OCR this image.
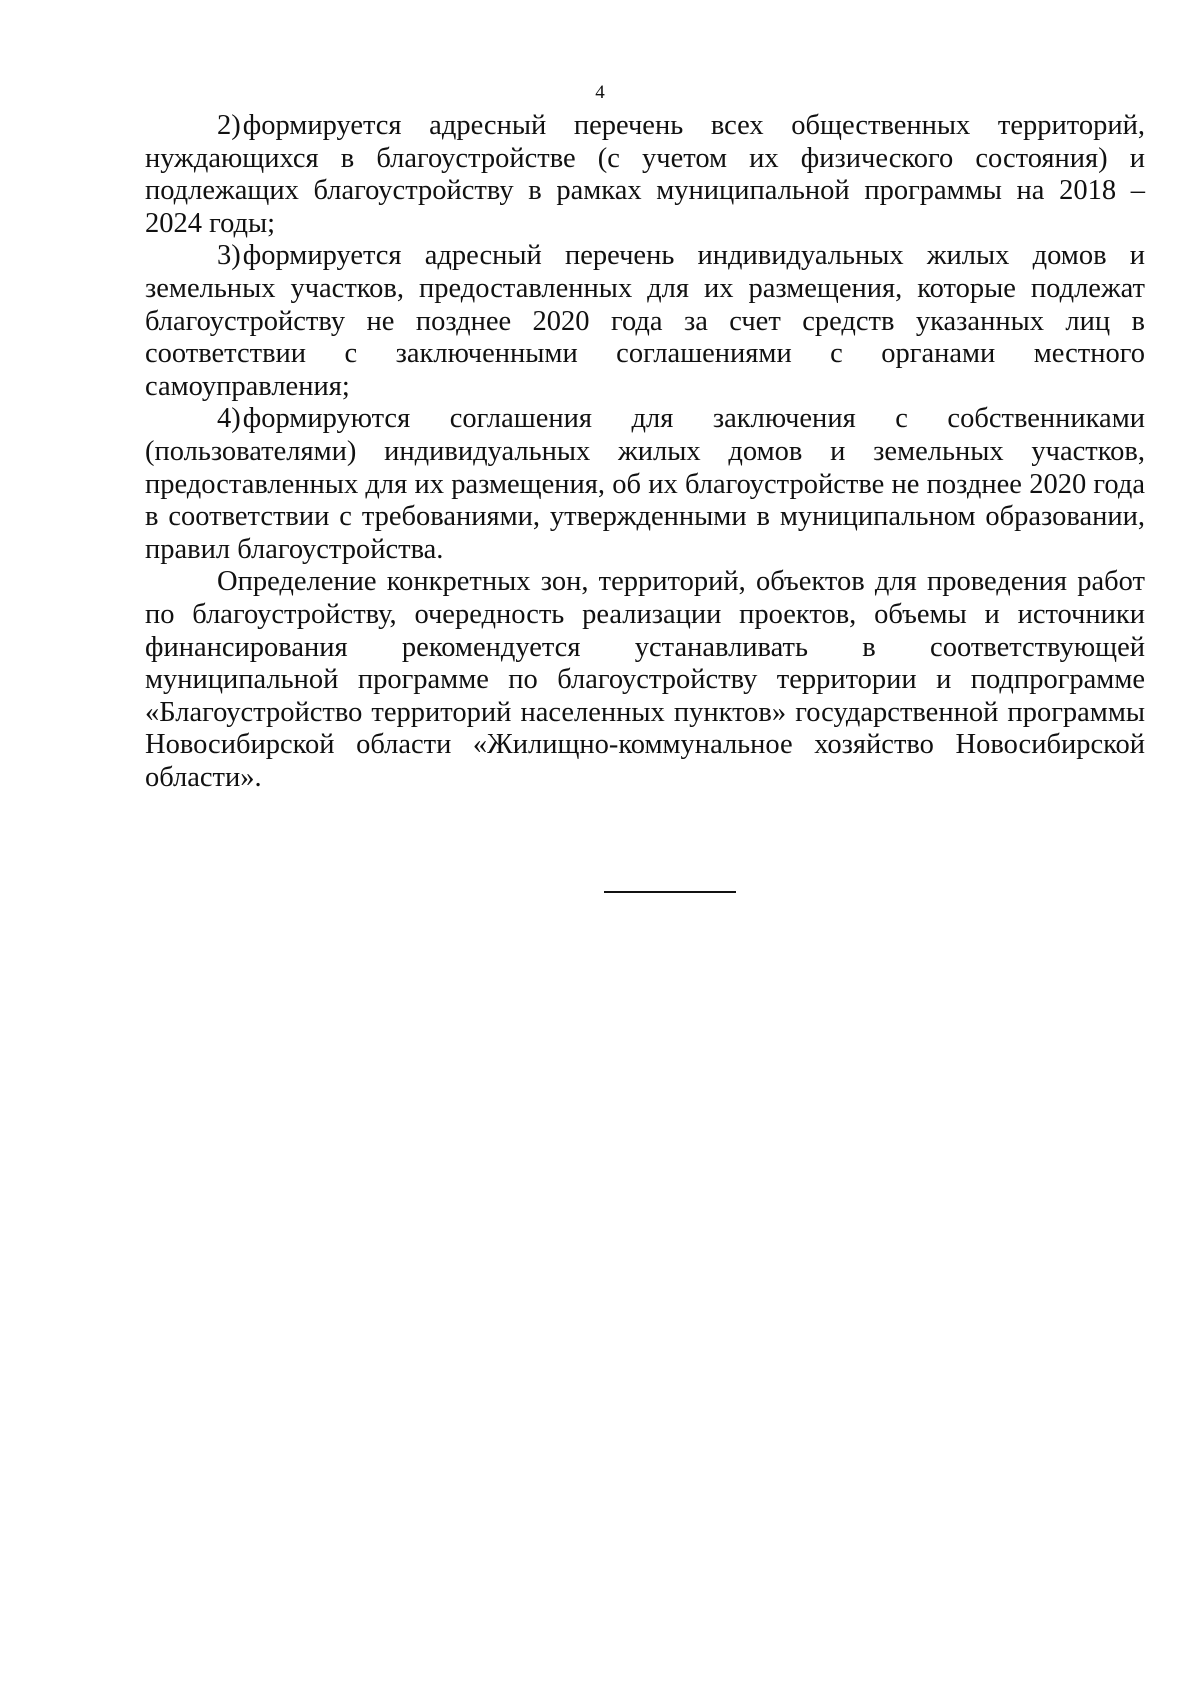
4

2)формируется адресный перечень всех общественных территорий, нуждающихся в благоустройстве (с учетом их физического состояния) и подлежащих благоустройству в рамках муниципальной программы на 2018 – 2024 годы;

3)формируется адресный перечень индивидуальных жилых домов и земельных участков, предоставленных для их размещения, которые подлежат благоустройству не позднее 2020 года за счет средств указанных лиц в соответствии с заключенными соглашениями с органами местного самоуправления;

4)формируются соглашения для заключения с собственниками (пользователями) индивидуальных жилых домов и земельных участков, предоставленных для их размещения, об их благоустройстве не позднее 2020 года в соответствии с требованиями, утвержденными в муниципальном образовании, правил благоустройства.

Определение конкретных зон, территорий, объектов для проведения работ по благоустройству, очередность реализации проектов, объемы и источники финансирования рекомендуется устанавливать в соответствующей муниципальной программе по благоустройству территории и подпрограмме «Благоустройство территорий населенных пунктов» государственной программы Новосибирской области «Жилищно-коммунальное хозяйство Новосибирской области».
